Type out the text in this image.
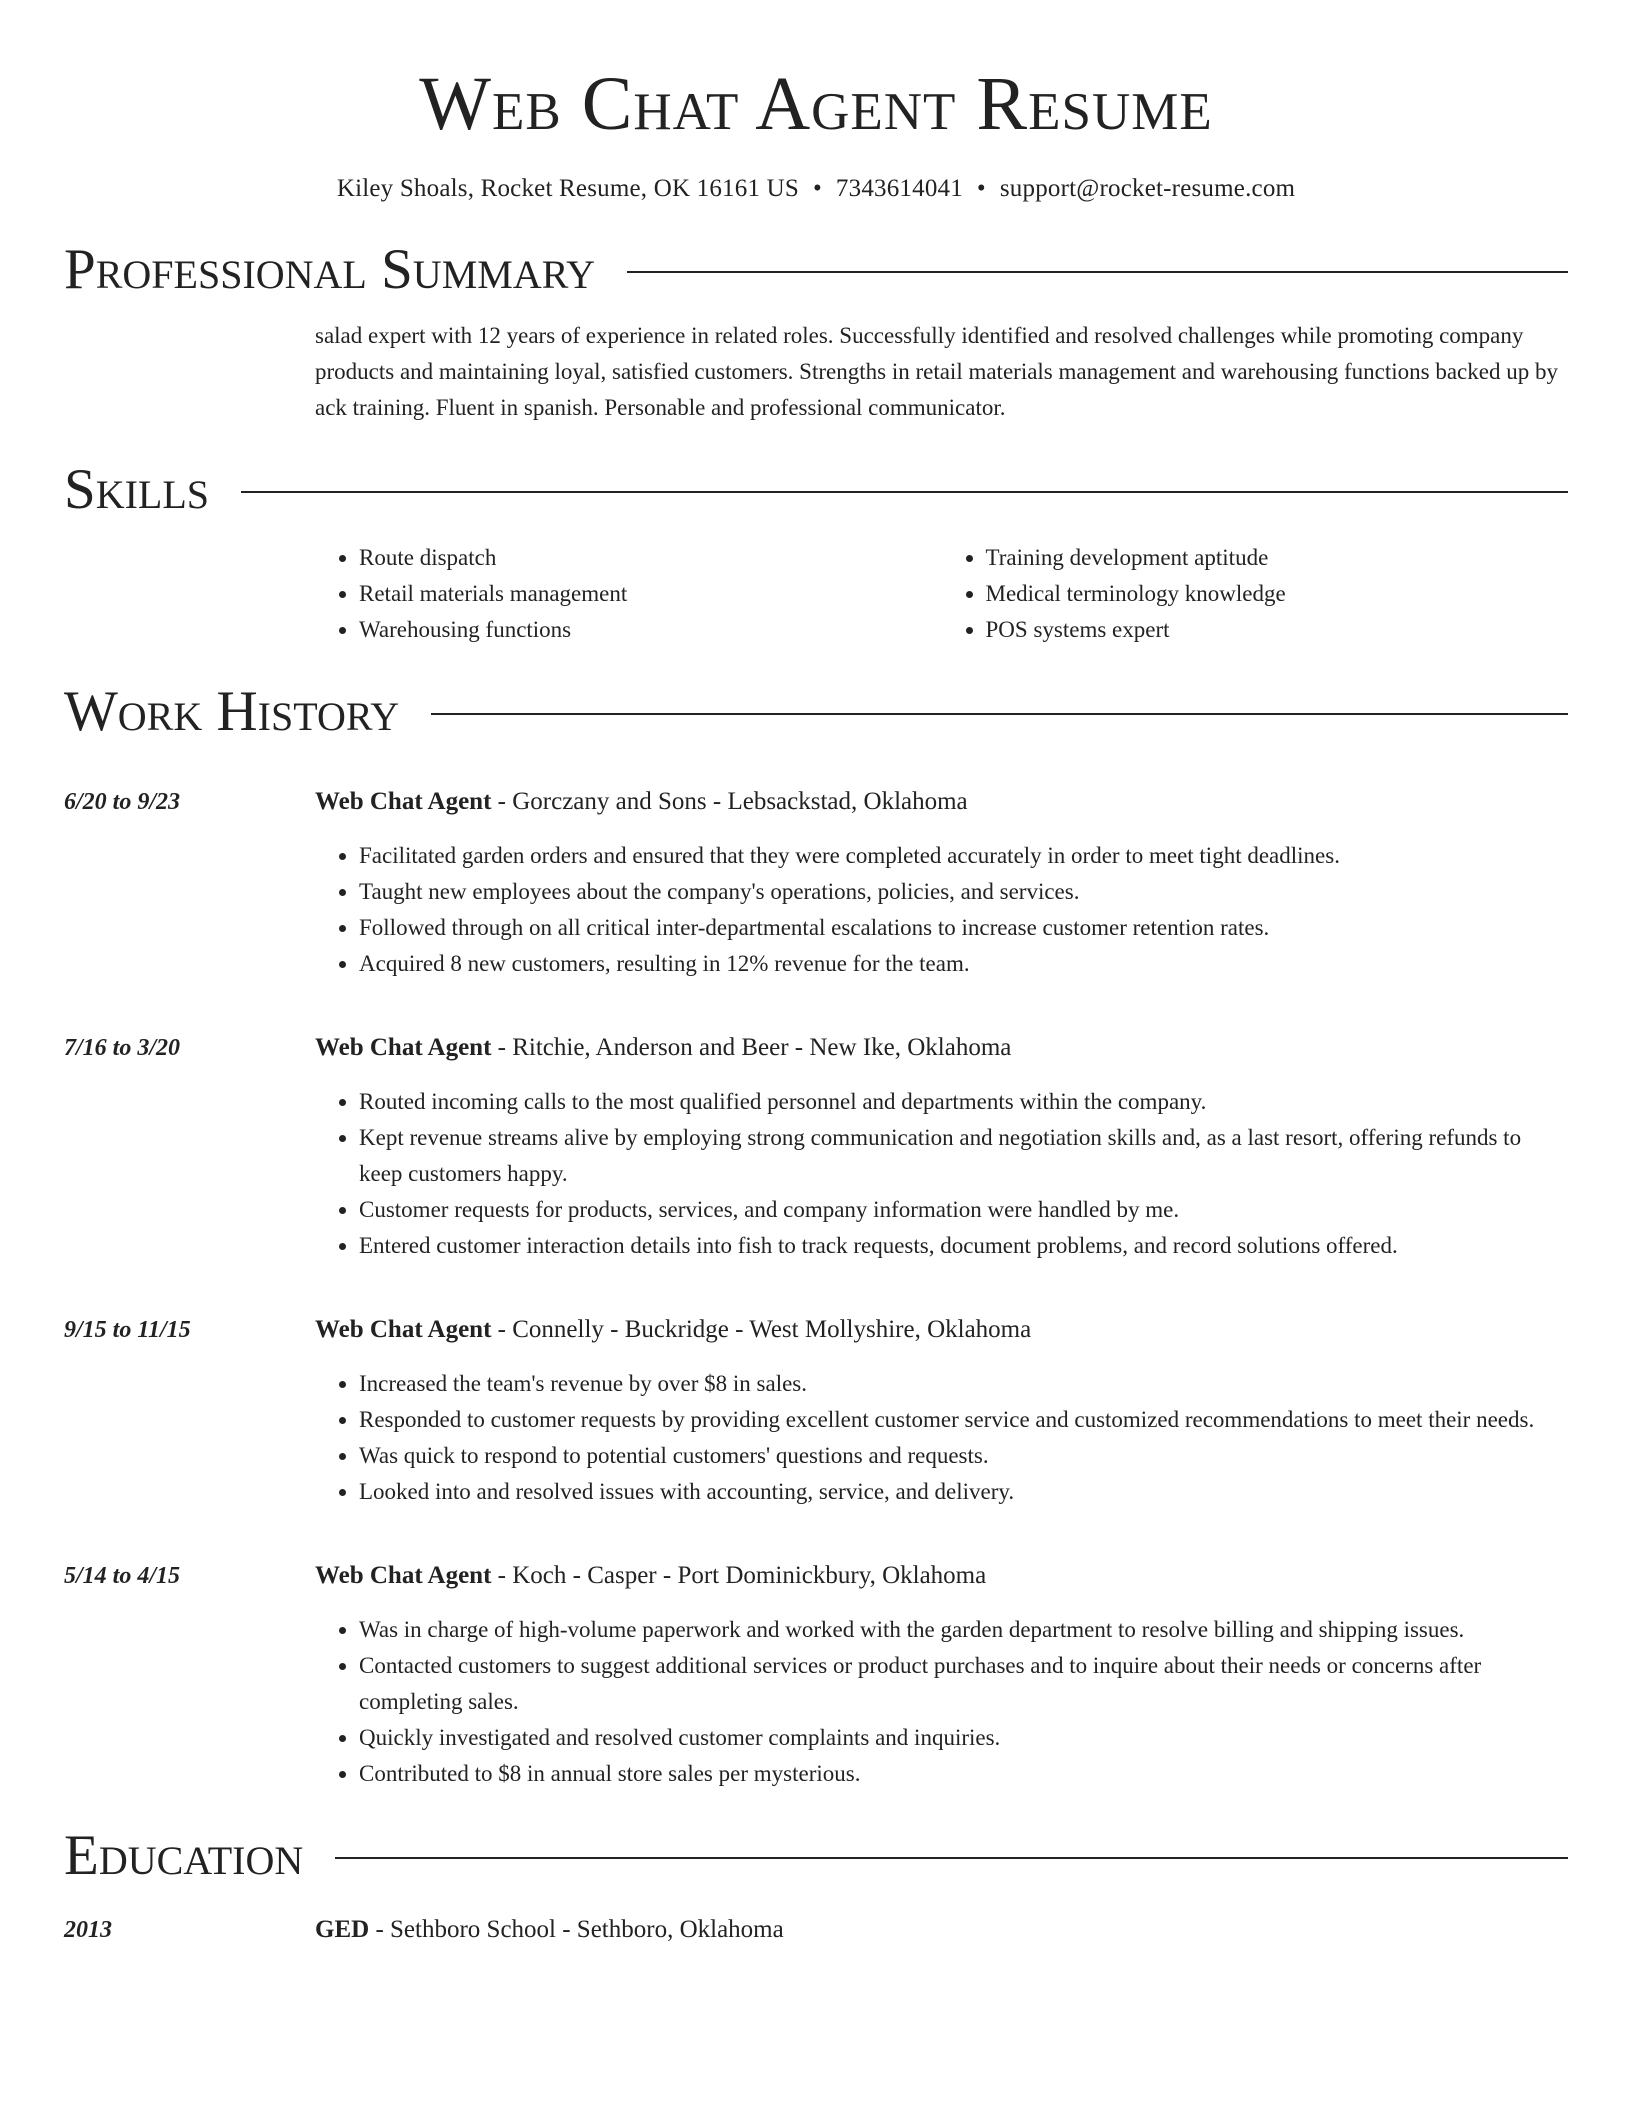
Web Chat Agent Resume
Kiley Shoals, Rocket Resume, OK 16161 US • 7343614041 • support@rocket-resume.com
Professional Summary
salad expert with 12 years of experience in related roles. Successfully identified and resolved challenges while promoting company products and maintaining loyal, satisfied customers. Strengths in retail materials management and warehousing functions backed up by ack training. Fluent in spanish. Personable and professional communicator.
Skills
• Route dispatch
• Retail materials management
• Warehousing functions
• Training development aptitude
• Medical terminology knowledge
• POS systems expert
Work History
6/20 to 9/23	Web Chat Agent - Gorczany and Sons - Lebsackstad, Oklahoma
• Facilitated garden orders and ensured that they were completed accurately in order to meet tight deadlines.
• Taught new employees about the company's operations, policies, and services.
• Followed through on all critical inter-departmental escalations to increase customer retention rates.
• Acquired 8 new customers, resulting in 12% revenue for the team.
7/16 to 3/20	Web Chat Agent - Ritchie, Anderson and Beer - New Ike, Oklahoma
• Routed incoming calls to the most qualified personnel and departments within the company.
• Kept revenue streams alive by employing strong communication and negotiation skills and, as a last resort, offering refunds to keep customers happy.
• Customer requests for products, services, and company information were handled by me.
• Entered customer interaction details into fish to track requests, document problems, and record solutions offered.
9/15 to 11/15	Web Chat Agent - Connelly - Buckridge - West Mollyshire, Oklahoma
• Increased the team's revenue by over $8 in sales.
• Responded to customer requests by providing excellent customer service and customized recommendations to meet their needs.
• Was quick to respond to potential customers' questions and requests.
• Looked into and resolved issues with accounting, service, and delivery.
5/14 to 4/15	Web Chat Agent - Koch - Casper - Port Dominickbury, Oklahoma
• Was in charge of high-volume paperwork and worked with the garden department to resolve billing and shipping issues.
• Contacted customers to suggest additional services or product purchases and to inquire about their needs or concerns after completing sales.
• Quickly investigated and resolved customer complaints and inquiries.
• Contributed to $8 in annual store sales per mysterious.
Education
2013	GED - Sethboro School - Sethboro, Oklahoma
